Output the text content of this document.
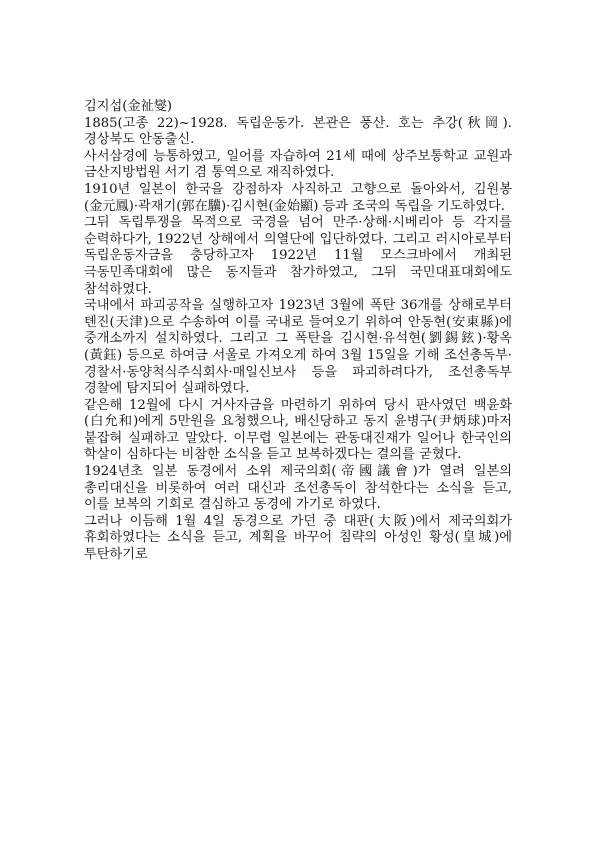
김지섭(金祉燮)

1885(고종 22)~1928. 독립운동가. 본관은 풍산. 호는 추강(秋岡). 경상북도 안동출신.

사서삼경에 능통하였고, 일어를 자습하여 21세 때에 상주보통학교 교원과 금산지방법원 서기 겸 통역으로 재직하였다.

1910년 일본이 한국을 강점하자 사직하고 고향으로 돌아와서, 김원봉(金元鳳)·곽재기(郭在驥)·김시현(金始顯) 등과 조국의 독립을 기도하였다.

그뒤 독립투쟁을 목적으로 국경을 넘어 만주·상해·시베리아 등 각지를 순력하다가, 1922년 상해에서 의열단에 입단하였다. 그리고 러시아로부터 독립운동자금을 충당하고자 1922년 11월 모스크바에서 개최된 극동민족대회에 많은 동지들과 참가하였고, 그뒤 국민대표대회에도 참석하였다.

국내에서 파괴공작을 실행하고자 1923년 3월에 폭탄 36개를 상해로부터 톈진(天津)으로 수송하여 이를 국내로 들여오기 위하여 안동현(安東縣)에 중개소까지 설치하였다. 그리고 그 폭탄을 김시현·유석현(劉錫鉉)·황옥(黃鈺) 등으로 하여금 서울로 가져오게 하여 3월 15일을 기해 조선총독부·경찰서·동양척식주식회사·매일신보사 등을 파괴하려다가, 조선총독부 경찰에 탐지되어 실패하였다.

같은해 12월에 다시 거사자금을 마련하기 위하여 당시 판사였던 백윤화(白允和)에게 5만원을 요청했으나, 배신당하고 동지 윤병구(尹炳球)마저 붙잡혀 실패하고 말았다. 이무렵 일본에는 관동대진재가 일어나 한국인의 학살이 심하다는 비참한 소식을 듣고 보복하겠다는 결의를 굳혔다.

1924년초 일본 동경에서 소위 제국의회(帝國議會)가 열려 일본의 총리대신을 비롯하여 여러 대신과 조선총독이 참석한다는 소식을 듣고, 이를 보복의 기회로 결심하고 동경에 가기로 하였다.

그러나 이듬해 1월 4일 동경으로 가던 중 대판(大阪)에서 제국의회가 휴회하였다는 소식을 듣고, 계획을 바꾸어 침략의 아성인 황성(皇城)에 투탄하기로
